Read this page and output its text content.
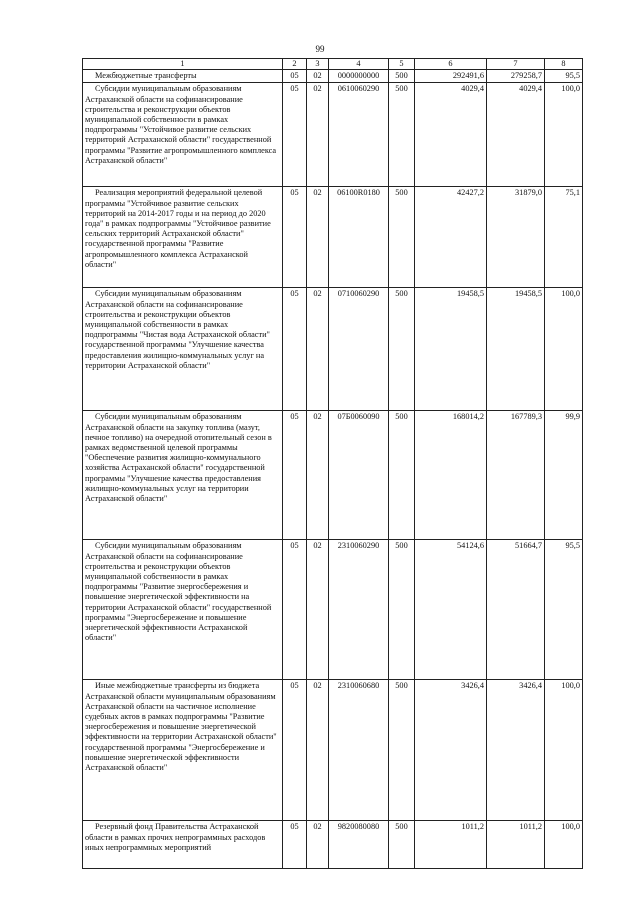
99
1	2	3	4	5	6	7	8
Межбюджетные трансферты	05	02	0000000000	500	292491,6	279258,7	95,5
Субсидии муниципальным образованиям Астраханской области на софинансирование строительства и реконструкции объектов муниципальной собственности в рамках подпрограммы "Устойчивое развитие сельских территорий Астраханской области" государственной программы "Развитие агропромышленного комплекса Астраханской области"	05	02	0610060290	500	4029,4	4029,4	100,0
Реализация мероприятий федеральной целевой программы "Устойчивое развитие сельских территорий на 2014-2017 годы и на период до 2020 года" в рамках подпрограммы "Устойчивое развитие сельских территорий Астраханской области" государственной программы "Развитие агропромышленного комплекса Астраханской области"	05	02	06100R0180	500	42427,2	31879,0	75,1
Субсидии муниципальным образованиям Астраханской области на софинансирование строительства и реконструкции объектов муниципальной собственности в рамках подпрограммы "Чистая вода Астраханской области" государственной программы "Улучшение качества предоставления жилищно-коммунальных услуг на территории Астраханской области"	05	02	0710060290	500	19458,5	19458,5	100,0
Субсидии муниципальным образованиям Астраханской области на закупку топлива (мазут, печное топливо) на очередной отопительный сезон в рамках ведомственной целевой программы "Обеспечение развития жилищно-коммунального хозяйства Астраханской области" государственной программы "Улучшение качества предоставления жилищно-коммунальных услуг на территории Астраханской области"	05	02	07Б0060090	500	168014,2	167789,3	99,9
Субсидии муниципальным образованиям Астраханской области на софинансирование строительства и реконструкции объектов муниципальной собственности в рамках подпрограммы "Развитие энергосбережения и повышение энергетической эффективности на территории Астраханской области" государственной программы "Энергосбережение и повышение энергетической эффективности Астраханской области"	05	02	2310060290	500	54124,6	51664,7	95,5
Иные межбюджетные трансферты из бюджета Астраханской области муниципальным образованиям Астраханской области на частичное исполнение судебных актов в рамках подпрограммы "Развитие энергосбережения и повышение энергетической эффективности на территории Астраханской области" государственной программы "Энергосбережение и повышение энергетической эффективности Астраханской области"	05	02	2310060680	500	3426,4	3426,4	100,0
Резервный фонд Правительства Астраханской области в рамках прочих непрограммных расходов иных непрограммных мероприятий	05	02	9820080080	500	1011,2	1011,2	100,0
